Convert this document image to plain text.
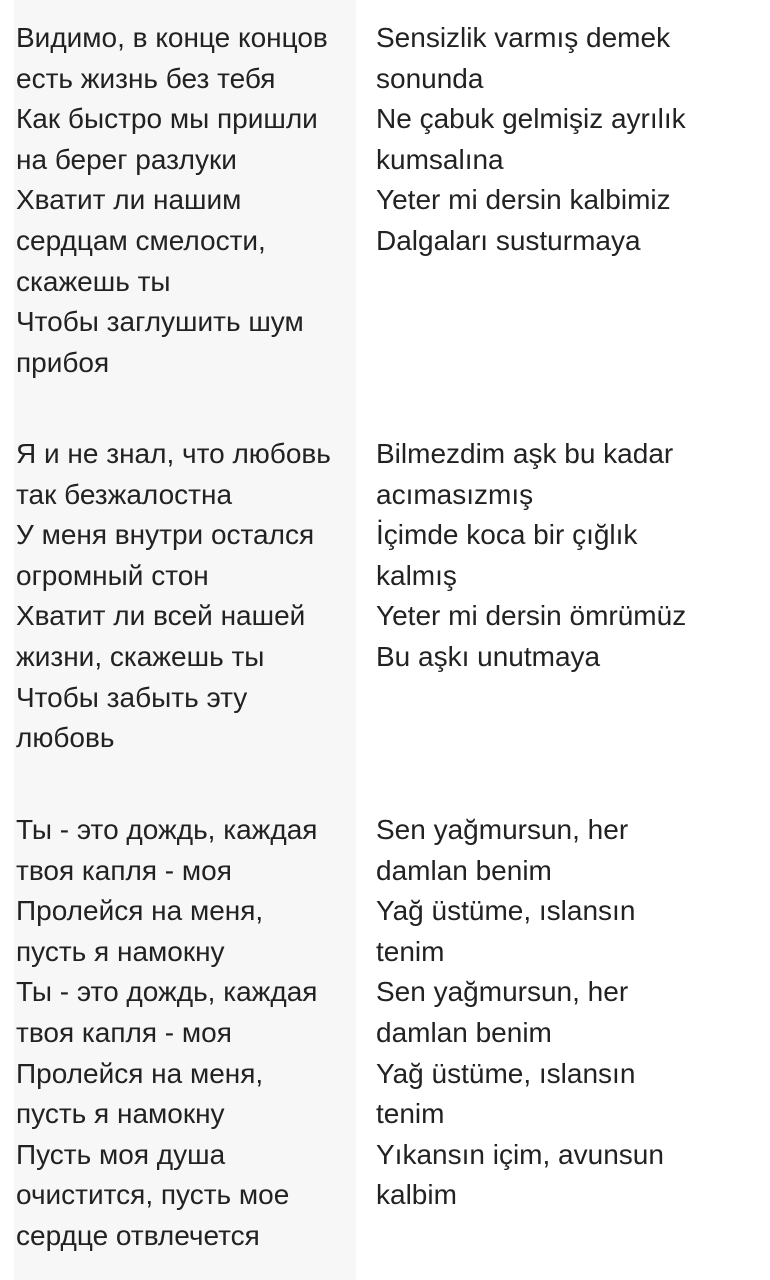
Видимо, в конце концов
есть жизнь без тебя
Как быстро мы пришли
на берег разлуки
Хватит ли нашим
сердцам смелости,
скажешь ты
Чтобы заглушить шум
прибоя

Я и не знал, что любовь
так безжалостна
У меня внутри остался
огромный стон
Хватит ли всей нашей
жизни, скажешь ты
Чтобы забыть эту
любовь

Ты - это дождь, каждая
твоя капля - моя
Пролейся на меня,
пусть я намокну
Ты - это дождь, каждая
твоя капля - моя
Пролейся на меня,
пусть я намокну
Пусть моя душа
очистится, пусть мое
сердце отвлечется

Sensizlik varmış demek
sonunda
Ne çabuk gelmişiz ayrılık
kumsalına
Yeter mi dersin kalbimiz
Dalgaları susturmaya

Bilmezdim aşk bu kadar
acımasızmış
İçimde koca bir çığlık
kalmış
Yeter mi dersin ömrümüz
Bu aşkı unutmaya

Sen yağmursun, her
damlan benim
Yağ üstüme, ıslansın
tenim
Sen yağmursun, her
damlan benim
Yağ üstüme, ıslansın
tenim
Yıkansın içim, avunsun
kalbim
